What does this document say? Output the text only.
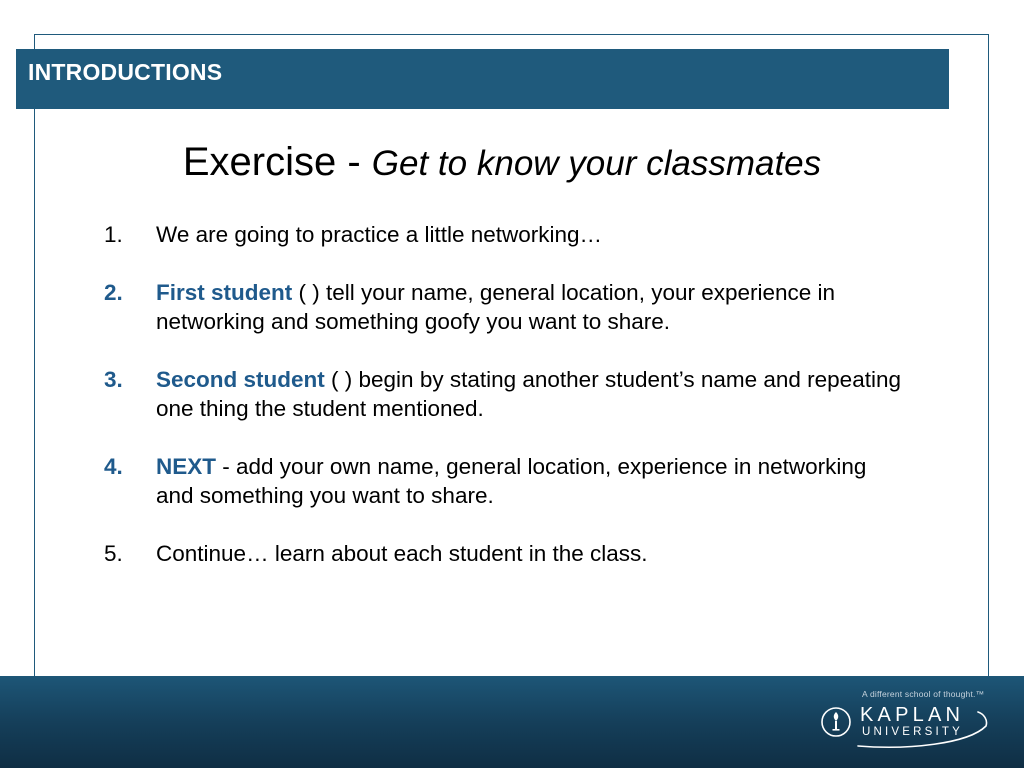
INTRODUCTIONS
Exercise - Get to know your classmates
1. We are going to practice a little networking…
2. First student ( ) tell your name, general location, your experience in networking and something goofy you want to share.
3. Second student ( ) begin by stating another student’s name and repeating one thing the student mentioned.
4. NEXT - add your own name, general location, experience in networking and something you want to share.
5. Continue… learn about each student in the class.
A different school of thought.™
KAPLAN
UNIVERSITY
